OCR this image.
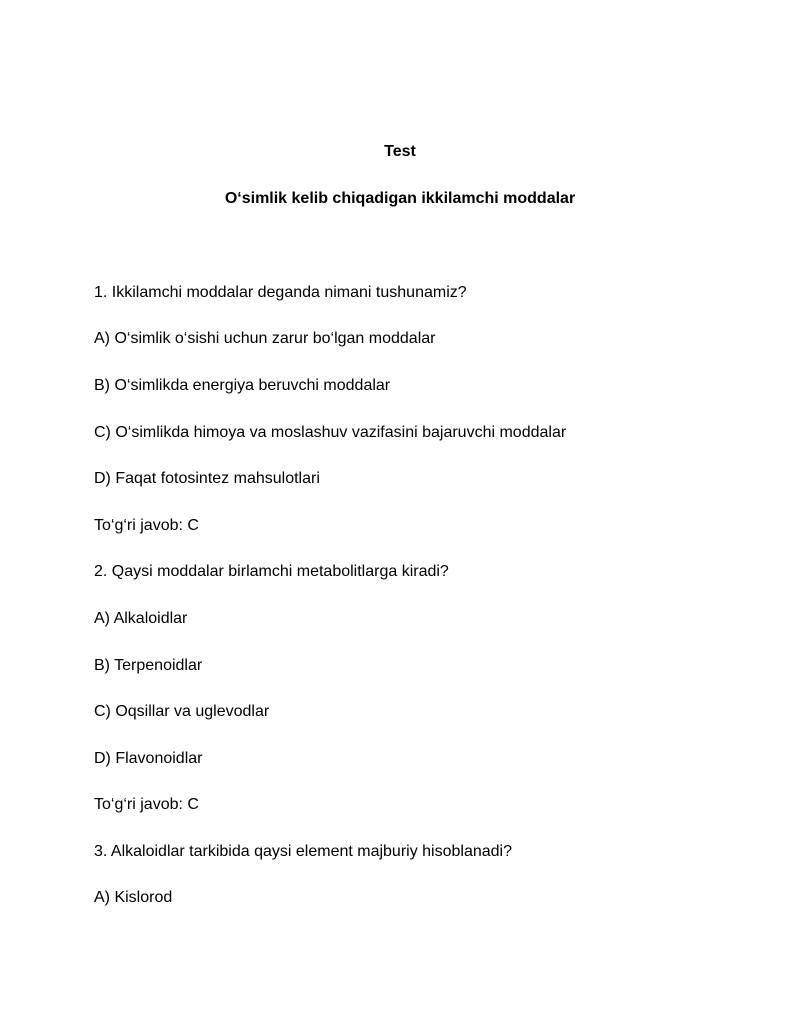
Test
O‘simlik kelib chiqadigan ikkilamchi moddalar
1. Ikkilamchi moddalar deganda nimani tushunamiz?
A) O‘simlik o‘sishi uchun zarur bo‘lgan moddalar
B) O‘simlikda energiya beruvchi moddalar
C) O‘simlikda himoya va moslashuv vazifasini bajaruvchi moddalar
D) Faqat fotosintez mahsulotlari
To‘g‘ri javob: C
2. Qaysi moddalar birlamchi metabolitlarga kiradi?
A) Alkaloidlar
B) Terpenoidlar
C) Oqsillar va uglevodlar
D) Flavonoidlar
To‘g‘ri javob: C
3. Alkaloidlar tarkibida qaysi element majburiy hisoblanadi?
A) Kislorod
